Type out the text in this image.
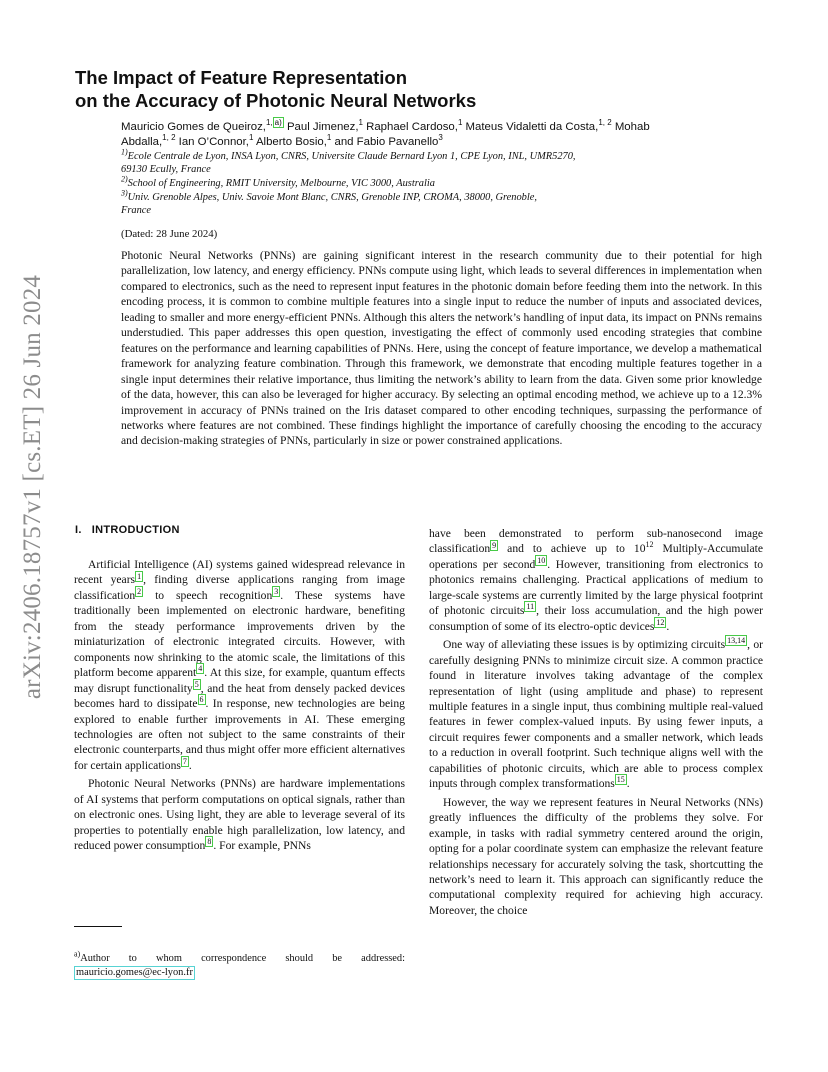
arXiv:2406.18757v1 [cs.ET] 26 Jun 2024
The Impact of Feature Representation
on the Accuracy of Photonic Neural Networks
Mauricio Gomes de Queiroz,$^{1,}$ $^{a)}$ Paul Jimenez,$^1$ Raphael Cardoso,$^1$ Mateus Vidaletti da Costa,$^{1, 2}$ Mohab
Abdalla,$^{1, 2}$ Ian O’Connor,$^1$ Alberto Bosio,$^1$ and Fabio Pavanello$^3$
$^{1)}$Ecole Centrale de Lyon, INSA Lyon, CNRS, Universite Claude Bernard Lyon 1, CPE Lyon, INL, UMR5270,
69130 Ecully, France
$^{2)}$School of Engineering, RMIT University, Melbourne, VIC 3000, Australia
$^{3)}$Univ. Grenoble Alpes, Univ. Savoie Mont Blanc, CNRS, Grenoble INP, CROMA, 38000, Grenoble,
France
(Dated: 28 June 2024)
Photonic Neural Networks (PNNs) are gaining significant interest in the research community due to their potential for high parallelization, low latency, and energy efficiency. PNNs compute using light, which leads to several differences in implementation when compared to electronics, such as the need to represent input features in the photonic domain before feeding them into the network. In this encoding process, it is common to combine multiple features into a single input to reduce the number of inputs and associated devices, leading to smaller and more energy-efficient PNNs. Although this alters the network’s handling of input data, its impact on PNNs remains understudied. This paper addresses this open question, investigating the effect of commonly used encoding strategies that combine features on the performance and learning capabilities of PNNs. Here, using the concept of feature importance, we develop a mathematical framework for analyzing feature combination. Through this framework, we demonstrate that encoding multiple features together in a single input determines their relative importance, thus limiting the network’s ability to learn from the data. Given some prior knowledge of the data, however, this can also be leveraged for higher accuracy. By selecting an optimal encoding method, we achieve up to a 12.3% improvement in accuracy of PNNs trained on the Iris dataset compared to other encoding techniques, surpassing the performance of networks where features are not combined. These findings highlight the importance of carefully choosing the encoding to the accuracy and decision-making strategies of PNNs, particularly in size or power constrained applications.
I. INTRODUCTION

Artificial Intelligence (AI) systems gained widespread relevance in recent years $^1$ , finding diverse applications ranging from image classification $^2$ to speech recognition $^3$ . These systems have traditionally been implemented on electronic hardware, benefiting from the steady performance improvements driven by the miniaturization of electronic integrated circuits. However, with components now shrinking to the atomic scale, the limitations of this platform become apparent $^4$ . At this size, for example, quantum effects may disrupt functionality $^5$ , and the heat from densely packed devices becomes hard to dissipate $^6$ . In response, new technologies are being explored to enable further improvements in AI. These emerging technologies are often not subject to the same constraints of their electronic counterparts, and thus might offer more efficient alternatives for certain applications $^7$ .

Photonic Neural Networks (PNNs) are hardware implementations of AI systems that perform computations on optical signals, rather than on electronic ones. Using light, they are able to leverage several of its properties to potentially enable high parallelization, low latency, and reduced power consumption $^8$ . For example, PNNs

have been demonstrated to perform sub-nanosecond image classification $^9$ and to achieve up to $10^{12}$ Multiply-Accumulate operations per second $^{10}$ . However, transitioning from electronics to photonics remains challenging. Practical applications of medium to large-scale systems are currently limited by the large physical footprint of photonic circuits $^{11}$ , their loss accumulation, and the high power consumption of some of its electro-optic devices $^{12}$ .

One way of alleviating these issues is by optimizing circuits $^{13,14}$ , or carefully designing PNNs to minimize circuit size. A common practice found in literature involves taking advantage of the complex representation of light (using amplitude and phase) to represent multiple features in a single input, thus combining multiple real-valued features in fewer complex-valued inputs. By using fewer inputs, a circuit requires fewer components and a smaller network, which leads to a reduction in overall footprint. Such technique aligns well with the capabilities of photonic circuits, which are able to process complex inputs through complex transformations $^{15}$ .

However, the way we represent features in Neural Networks (NNs) greatly influences the difficulty of the problems they solve. For example, in tasks with radial symmetry centered around the origin, opting for a polar coordinate system can emphasize the relevant feature relationships necessary for accurately solving the task, shortcutting the network’s need to learn it. This approach can significantly reduce the computational complexity required for achieving high accuracy. Moreover, the choice

$^{a)}$Author to whom correspondence should be addressed: mauricio.gomes@ec-lyon.fr
